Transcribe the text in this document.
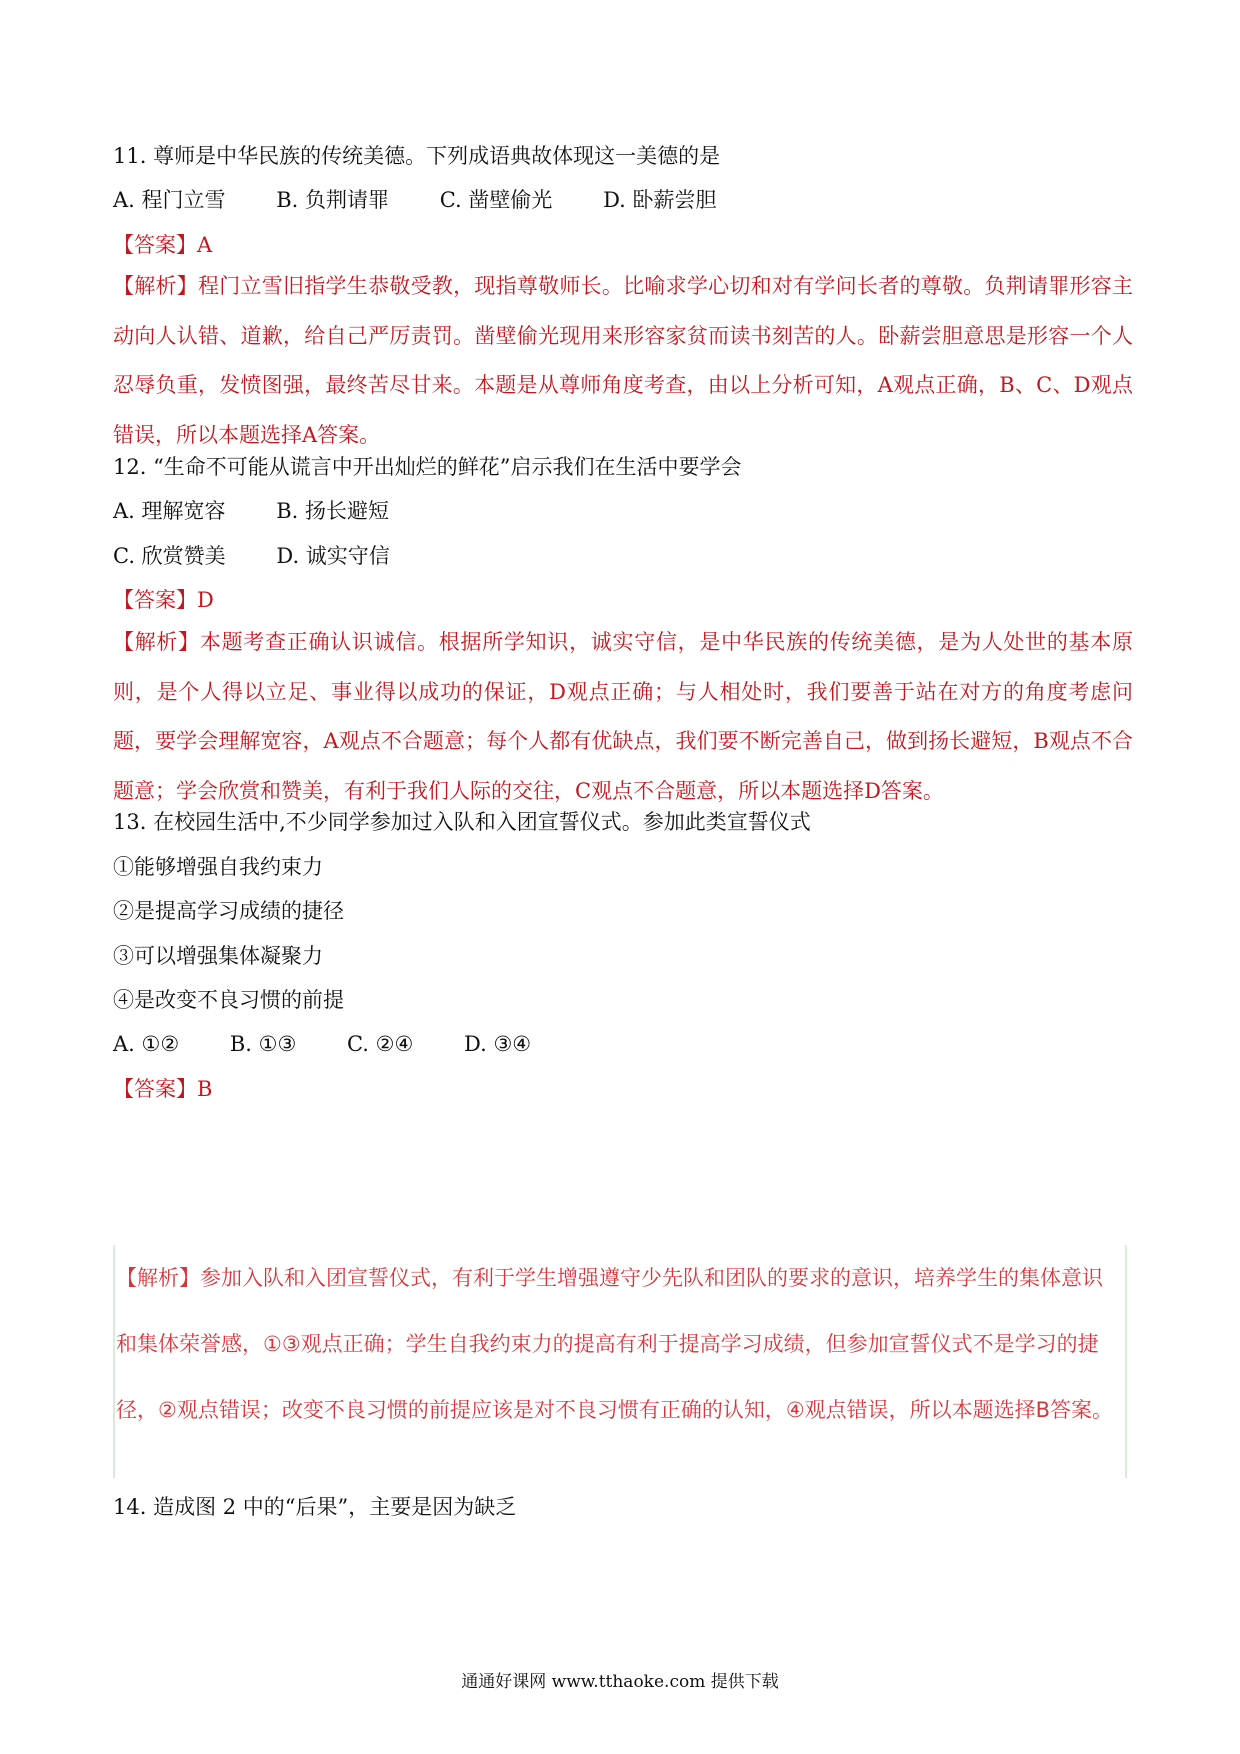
11. 尊师是中华民族的传统美德。下列成语典故体现这一美德的是
A. 程门立雪 B. 负荆请罪 C. 凿壁偷光 D. 卧薪尝胆
【答案】A
【解析】程门立雪旧指学生恭敬受教，现指尊敬师长。比喻求学心切和对有学问长者的尊敬。负荆请罪形容主动向人认错、道歉，给自己严厉责罚。凿壁偷光现用来形容家贫而读书刻苦的人。卧薪尝胆意思是形容一个人忍辱负重，发愤图强，最终苦尽甘来。本题是从尊师角度考查，由以上分析可知，A观点正确，B、C、D观点错误，所以本题选择A答案。
12. “生命不可能从谎言中开出灿烂的鲜花”启示我们在生活中要学会
A. 理解宽容 B. 扬长避短
C. 欣赏赞美 D. 诚实守信
【答案】D
【解析】本题考查正确认识诚信。根据所学知识，诚实守信，是中华民族的传统美德，是为人处世的基本原则，是个人得以立足、事业得以成功的保证，D观点正确；与人相处时，我们要善于站在对方的角度考虑问题，要学会理解宽容，A观点不合题意；每个人都有优缺点，我们要不断完善自己，做到扬长避短，B观点不合题意；学会欣赏和赞美，有利于我们人际的交往，C观点不合题意，所以本题选择D答案。
13. 在校园生活中,不少同学参加过入队和入团宣誓仪式。参加此类宣誓仪式
①能够增强自我约束力
②是提高学习成绩的捷径
③可以增强集体凝聚力
④是改变不良习惯的前提
A. ①② B. ①③ C. ②④ D. ③④
【答案】B
【解析】参加入队和入团宣誓仪式，有利于学生增强遵守少先队和团队的要求的意识，培养学生的集体意识和集体荣誉感，①③观点正确；学生自我约束力的提高有利于提高学习成绩，但参加宣誓仪式不是学习的捷径，②观点错误；改变不良习惯的前提应该是对不良习惯有正确的认知，④观点错误，所以本题选择B答案。
14. 造成图 2 中的“后果”，主要是因为缺乏
通通好课网 www.tthaoke.com 提供下载
